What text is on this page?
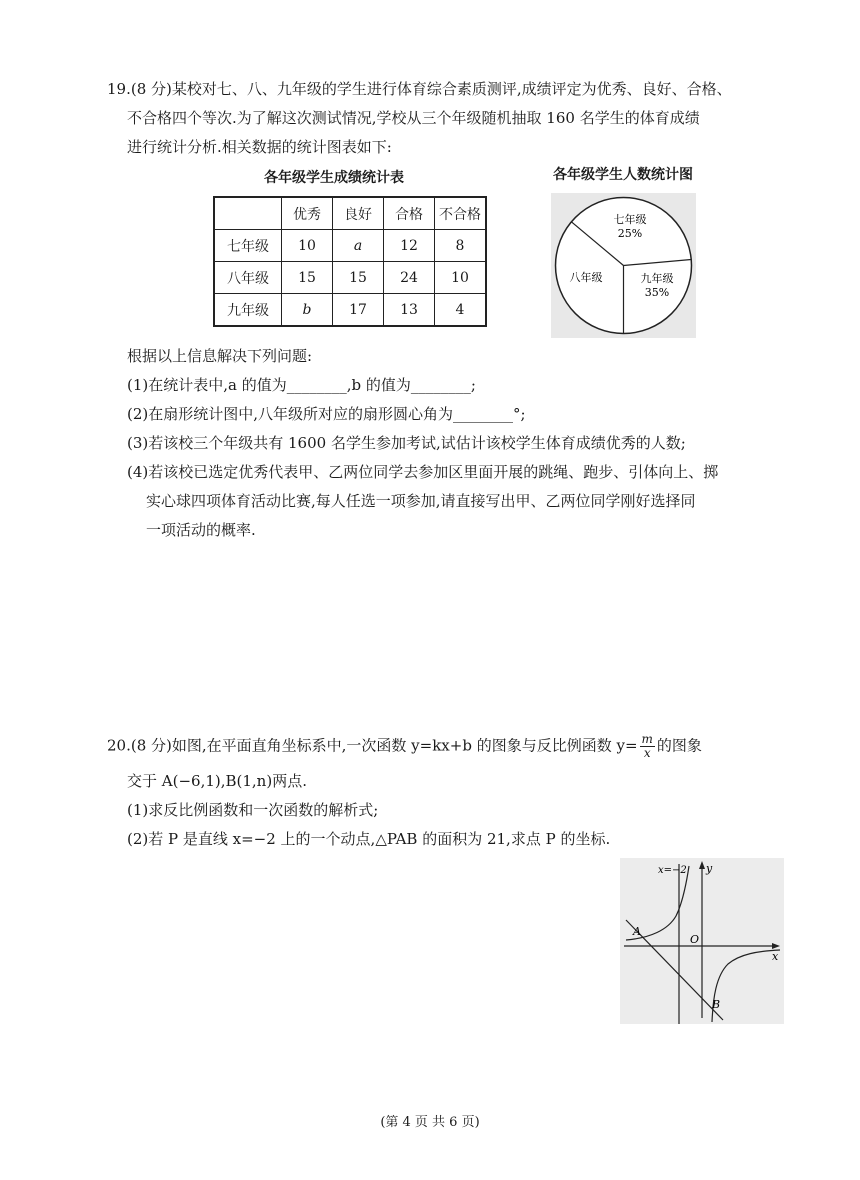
19.(8 分)某校对七、八、九年级的学生进行体育综合素质测评,成绩评定为优秀、良好、合格、
不合格四个等次.为了解这次测试情况,学校从三个年级随机抽取 160 名学生的体育成绩
进行统计分析.相关数据的统计图表如下:
各年级学生成绩统计表	各年级学生人数统计图
	优秀	良好	合格	不合格
七年级	10	a	12	8
八年级	15	15	24	10
九年级	b	17	13	4
七年级
25%
九年级
35%
八年级
根据以上信息解决下列问题:
(1)在统计表中,a 的值为________,b 的值为________;
(2)在扇形统计图中,八年级所对应的扇形圆心角为________°;
(3)若该校三个年级共有 1600 名学生参加考试,试估计该校学生体育成绩优秀的人数;
(4)若该校已选定优秀代表甲、乙两位同学去参加区里面开展的跳绳、跑步、引体向上、掷
实心球四项体育活动比赛,每人任选一项参加,请直接写出甲、乙两位同学刚好选择同
一项活动的概率.
20.(8 分)如图,在平面直角坐标系中,一次函数 y=kx+b 的图象与反比例函数 $y= \frac{m}{x}$ 的图象
交于 A(−6,1),B(1,n)两点.
(1)求反比例函数和一次函数的解析式;
(2)若 P 是直线 x=−2 上的一个动点,△PAB 的面积为 21,求点 P 的坐标.
x=−2 y
x
O
A
B
(第 4 页 共 6 页)
